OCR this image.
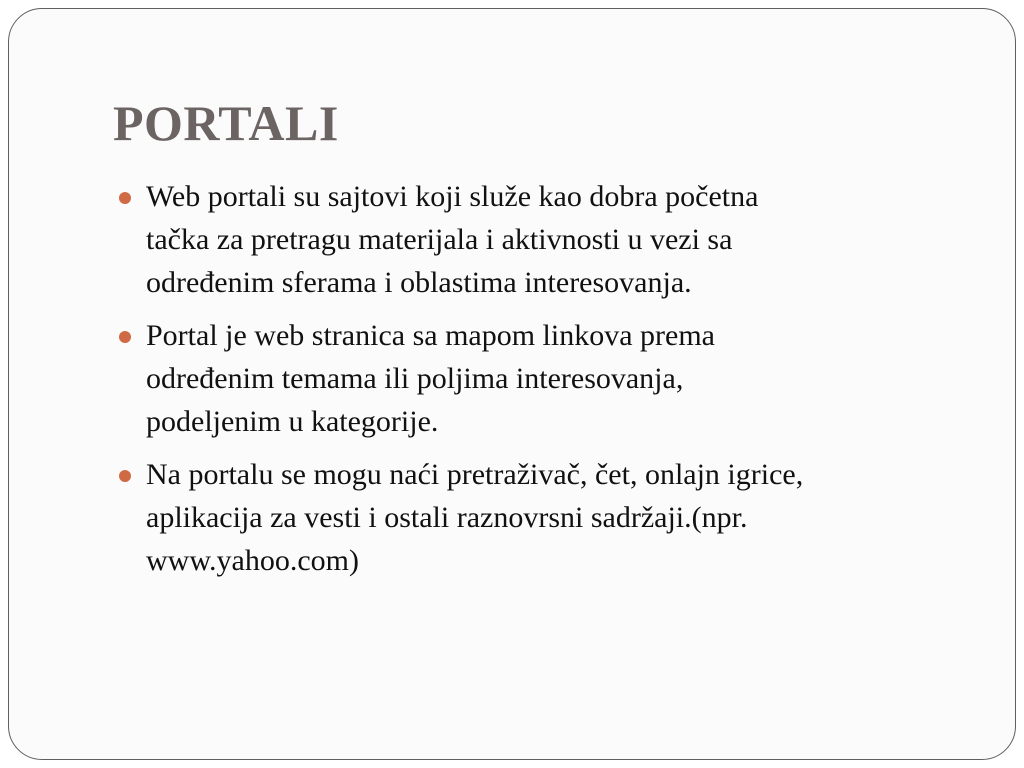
PORTALI
Web portali su sajtovi koji služe kao dobra početna
tačka za pretragu materijala i aktivnosti u vezi sa
određenim sferama i oblastima interesovanja.
Portal je web stranica sa mapom linkova prema
određenim temama ili poljima interesovanja,
podeljenim u kategorije.
Na portalu se mogu naći pretraživač, čet, onlajn igrice,
aplikacija za vesti i ostali raznovrsni sadržaji.(npr.
www.yahoo.com)
